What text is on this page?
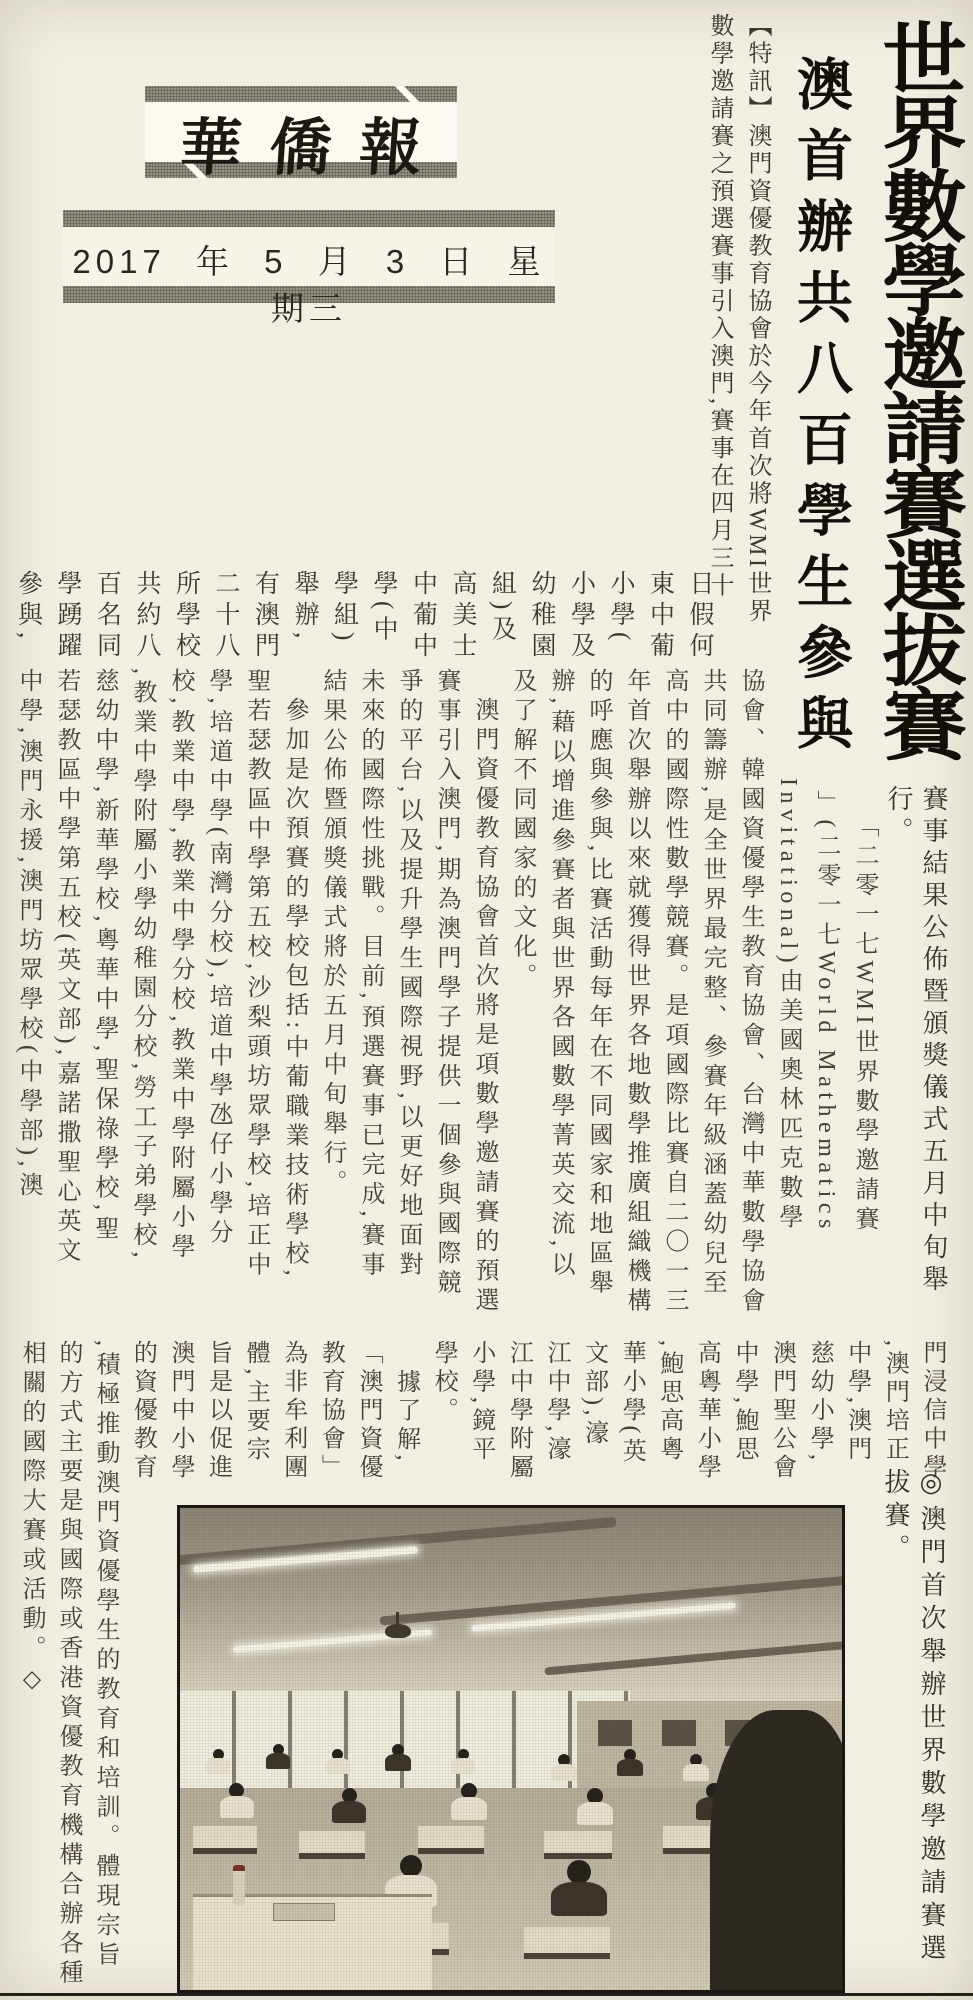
華僑報
2017 年 5 月 3 日 星期三	世界數學邀請賽選拔賽
澳首辦共八百學生參與
【特訊】澳門資優教育協會於今年首次將WMI世界
數學邀請賽之預選賽事引入澳門,賽事在四月三十
日假何
東中葡
小學(
小學及
幼稚園
組)及
高美士
中葡中
學(中
學組)
舉辦,
有澳門
二十八
所學校
共約八
百名同
學踴躍
參與,
賽事結果公佈暨頒獎儀式五月中旬舉
行。
「二零一七WMI世界數學邀請賽
」(二零一七World Mathematics
Invitational)由美國奧林匹克數學
協會、韓國資優學生教育協會、台灣中華數學協會
共同籌辦,是全世界最完整、參賽年級涵蓋幼兒至
高中的國際性數學競賽。是項國際比賽自二〇一三
年首次舉辦以來就獲得世界各地數學推廣組織機構
的呼應與參與,比賽活動每年在不同國家和地區舉
辦,藉以增進參賽者與世界各國數學菁英交流,以
及了解不同國家的文化。
澳門資優教育協會首次將是項數學邀請賽的預選
賽事引入澳門,期為澳門學子提供一個參與國際競
爭的平台,以及提升學生國際視野,以更好地面對
未來的國際性挑戰。目前,預選賽事已完成,賽事
結果公佈暨頒獎儀式將於五月中旬舉行。
參加是次預賽的學校包括:中葡職業技術學校,
聖若瑟教區中學第五校,沙梨頭坊眾學校,培正中
學,培道中學(南灣分校),培道中學氹仔小學分
校,教業中學,教業中學分校,教業中學附屬小學
,教業中學附屬小學幼稚園分校,勞工子弟學校,
慈幼中學,新華學校,粵華中學,聖保祿學校,聖
若瑟教區中學第五校(英文部),嘉諾撒聖心英文
中學,澳門永援,澳門坊眾學校(中學部),澳
門浸信中學
,澳門培正
中學,澳門
慈幼小學,
澳門聖公會
中學,鮑思
高粵華小學
,鮑思高粵
華小學(英
文部),濠
江中學,濠
江中學附屬
小學,鏡平
學校。
據了解,
「澳門資優
教育協會」
為非牟利團
體,主要宗
旨是以促進
澳門中小學
的資優教育
,積極推動澳門資優學生的教育和培訓。體現宗旨
的方式主要是與國際或香港資優教育機構合辦各種
相關的國際大賽或活動。◇	◎澳門首次舉辦世界數學邀請賽選
拔賽。
